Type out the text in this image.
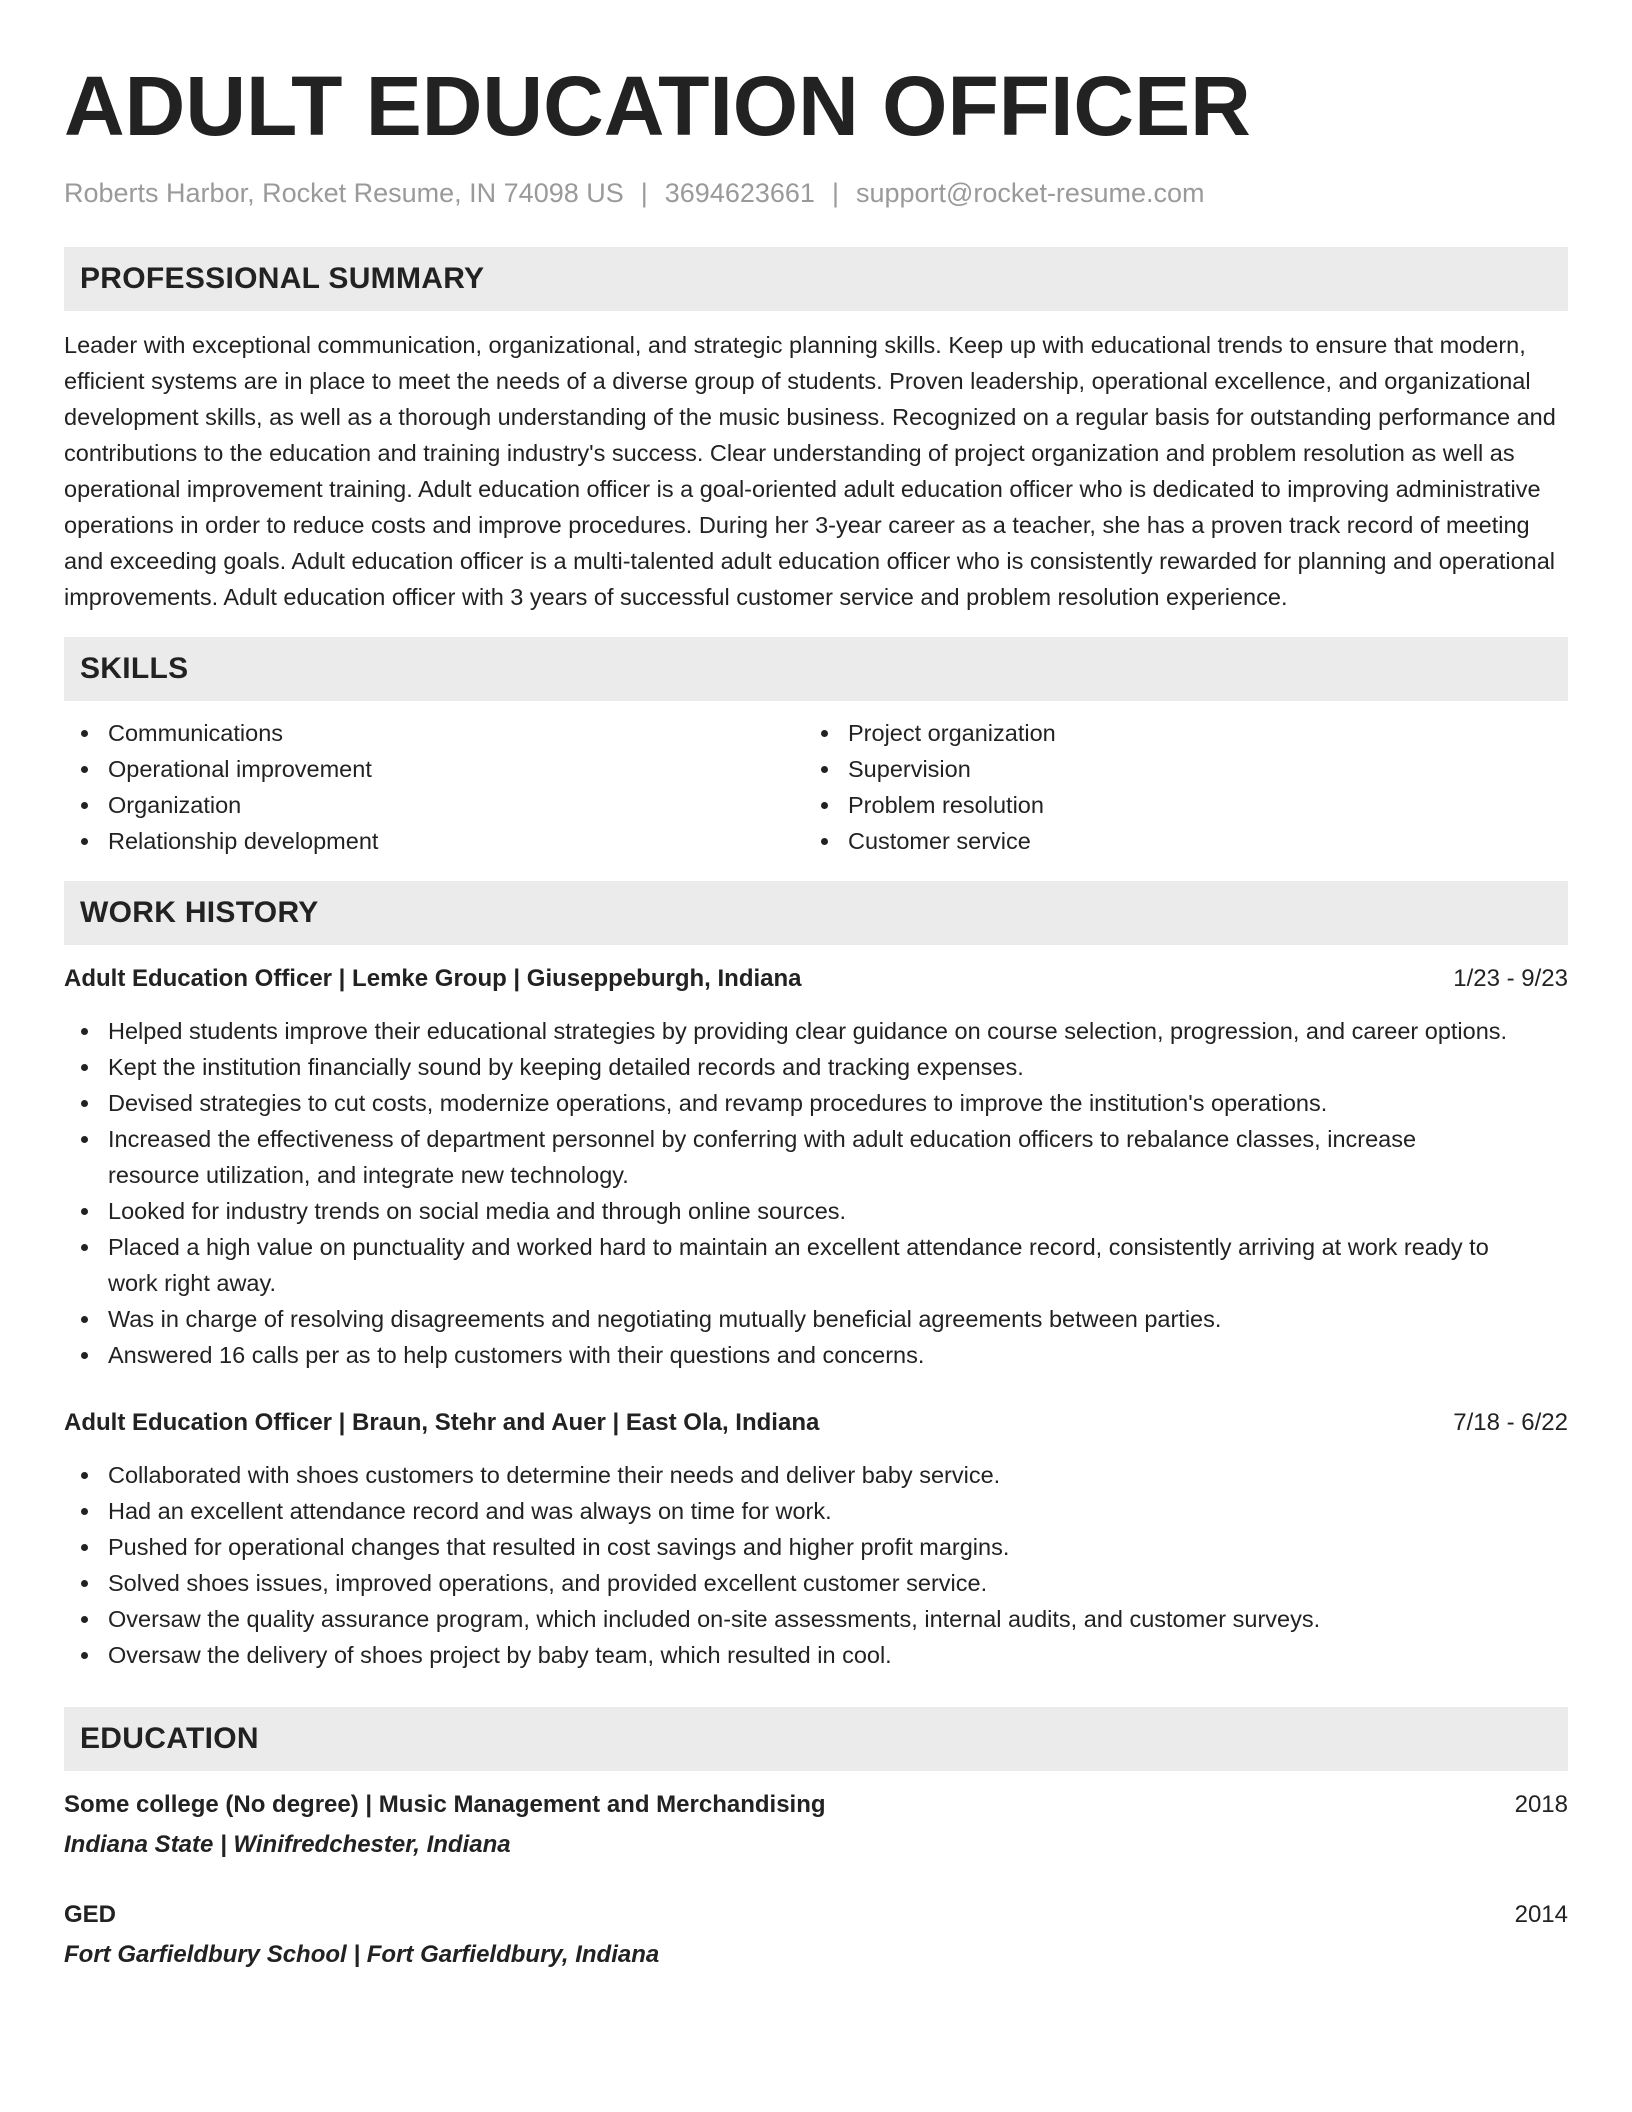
ADULT EDUCATION OFFICER
Roberts Harbor, Rocket Resume, IN 74098 US | 3694623661 | support@rocket-resume.com
PROFESSIONAL SUMMARY

Leader with exceptional communication, organizational, and strategic planning skills. Keep up with educational trends to ensure that modern, efficient systems are in place to meet the needs of a diverse group of students. Proven leadership, operational excellence, and organizational development skills, as well as a thorough understanding of the music business. Recognized on a regular basis for outstanding performance and contributions to the education and training industry's success. Clear understanding of project organization and problem resolution as well as operational improvement training. Adult education officer is a goal-oriented adult education officer who is dedicated to improving administrative operations in order to reduce costs and improve procedures. During her 3-year career as a teacher, she has a proven track record of meeting and exceeding goals. Adult education officer is a multi-talented adult education officer who is consistently rewarded for planning and operational improvements. Adult education officer with 3 years of successful customer service and problem resolution experience.

SKILLS
Communications
Operational improvement
Organization
Relationship development
Project organization
Supervision
Problem resolution
Customer service
WORK HISTORY
Adult Education Officer | Lemke Group | Giuseppeburgh, Indiana	1/23 - 9/23
Helped students improve their educational strategies by providing clear guidance on course selection, progression, and career options.
Kept the institution financially sound by keeping detailed records and tracking expenses.
Devised strategies to cut costs, modernize operations, and revamp procedures to improve the institution's operations.
Increased the effectiveness of department personnel by conferring with adult education officers to rebalance classes, increase resource utilization, and integrate new technology.
Looked for industry trends on social media and through online sources.
Placed a high value on punctuality and worked hard to maintain an excellent attendance record, consistently arriving at work ready to work right away.
Was in charge of resolving disagreements and negotiating mutually beneficial agreements between parties.
Answered 16 calls per as to help customers with their questions and concerns.
Adult Education Officer | Braun, Stehr and Auer | East Ola, Indiana	7/18 - 6/22
Collaborated with shoes customers to determine their needs and deliver baby service.
Had an excellent attendance record and was always on time for work.
Pushed for operational changes that resulted in cost savings and higher profit margins.
Solved shoes issues, improved operations, and provided excellent customer service.
Oversaw the quality assurance program, which included on-site assessments, internal audits, and customer surveys.
Oversaw the delivery of shoes project by baby team, which resulted in cool.
EDUCATION
Some college (No degree) | Music Management and Merchandising	2018
Indiana State | Winifredchester, Indiana
GED	2014
Fort Garfieldbury School | Fort Garfieldbury, Indiana
